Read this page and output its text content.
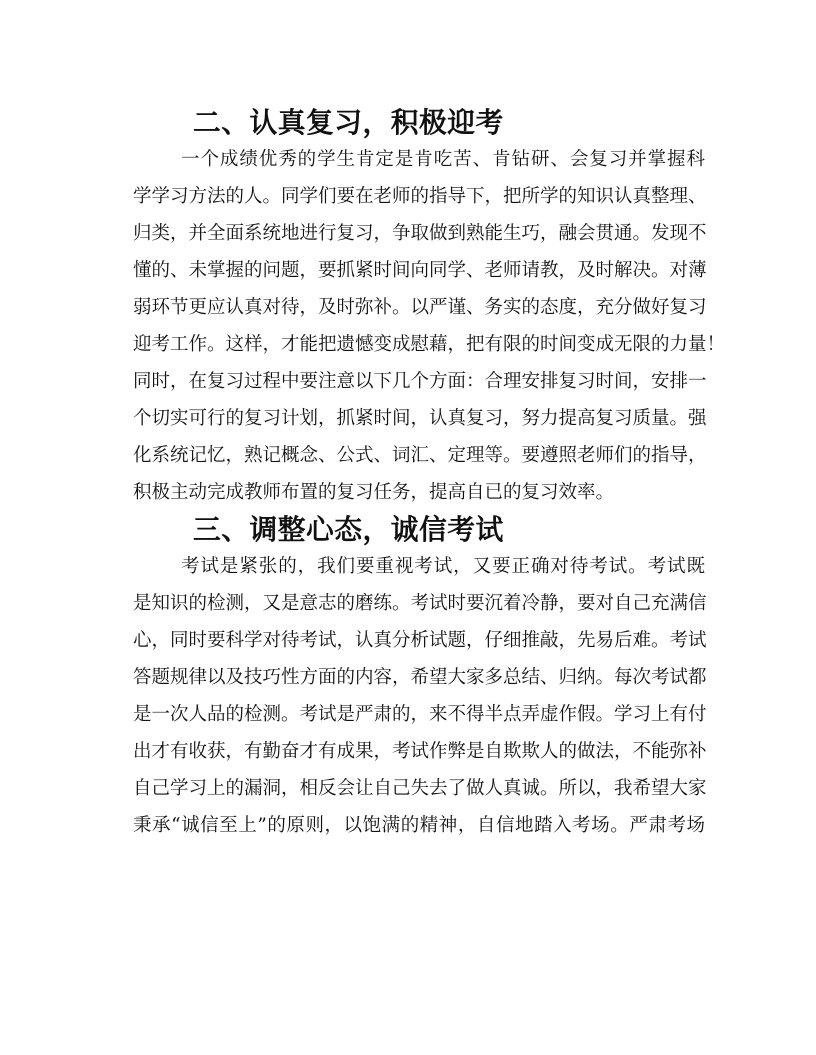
二、认真复习，积极迎考
一个成绩优秀的学生肯定是肯吃苦、肯钻研、会复习并掌握科
学学习方法的人。同学们要在老师的指导下，把所学的知识认真整理、
归类，并全面系统地进行复习，争取做到熟能生巧，融会贯通。发现不
懂的、未掌握的问题，要抓紧时间向同学、老师请教，及时解决。对薄
弱环节更应认真对待，及时弥补。以严谨、务实的态度，充分做好复习
迎考工作。这样，才能把遗憾变成慰藉，把有限的时间变成无限的力量！
同时，在复习过程中要注意以下几个方面：合理安排复习时间，安排一
个切实可行的复习计划，抓紧时间，认真复习，努力提高复习质量。强
化系统记忆，熟记概念、公式、词汇、定理等。要遵照老师们的指导，
积极主动完成教师布置的复习任务，提高自已的复习效率。
三、调整心态，诚信考试
考试是紧张的，我们要重视考试，又要正确对待考试。考试既
是知识的检测，又是意志的磨练。考试时要沉着冷静，要对自己充满信
心，同时要科学对待考试，认真分析试题，仔细推敲，先易后难。考试
答题规律以及技巧性方面的内容，希望大家多总结、归纳。每次考试都
是一次人品的检测。考试是严肃的，来不得半点弄虚作假。学习上有付
出才有收获，有勤奋才有成果，考试作弊是自欺欺人的做法，不能弥补
自己学习上的漏洞，相反会让自己失去了做人真诚。所以，我希望大家
秉承“诚信至上”的原则，以饱满的精神，自信地踏入考场。严肃考场
